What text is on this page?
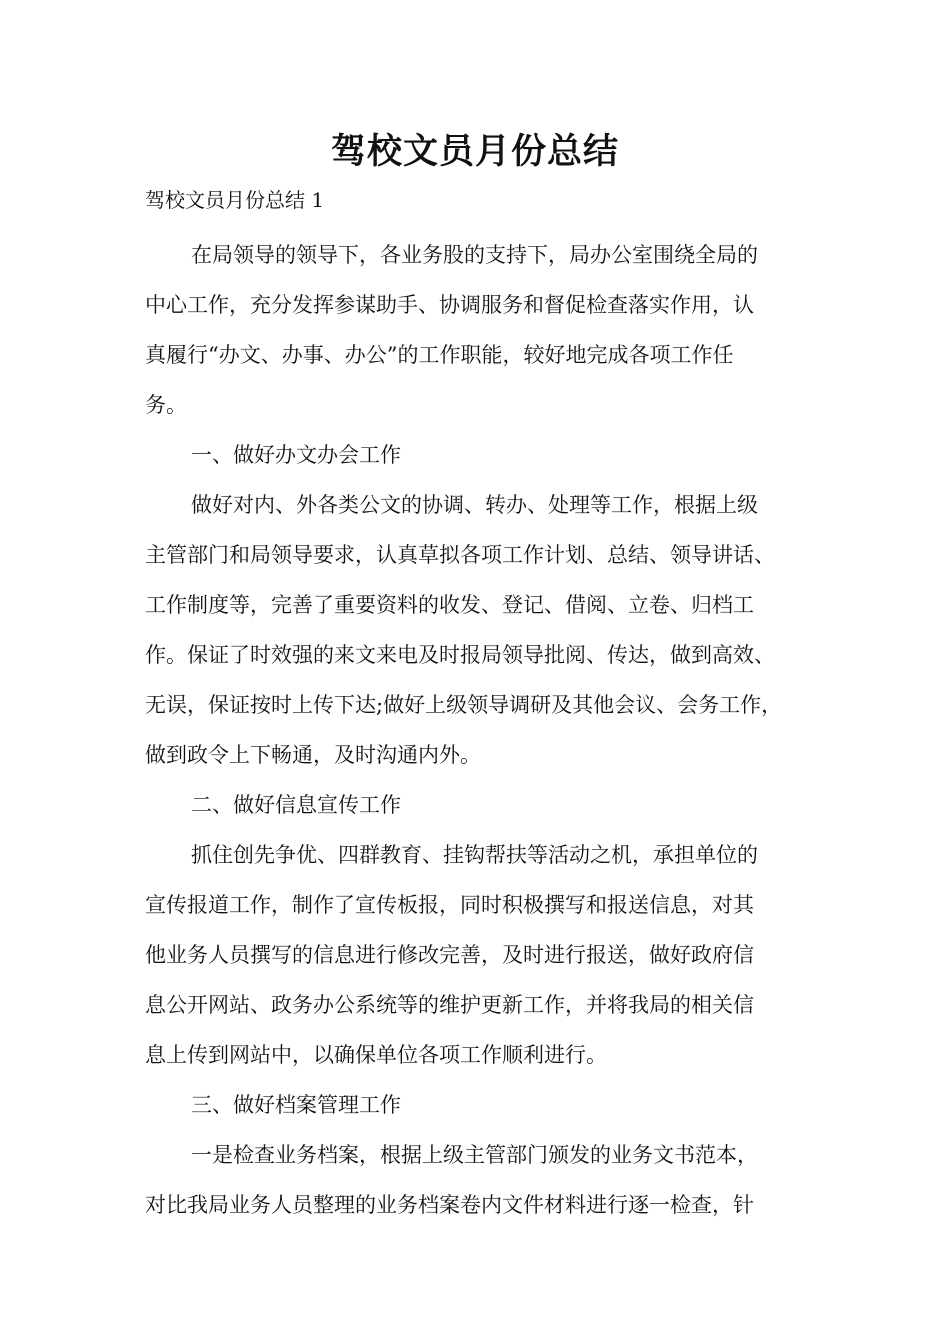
驾校文员月份总结
驾校文员月份总结 1
在局领导的领导下，各业务股的支持下，局办公室围绕全局的
中心工作，充分发挥参谋助手、协调服务和督促检查落实作用，认
真履行“办文、办事、办公”的工作职能，较好地完成各项工作任
务。
一、做好办文办会工作
做好对内、外各类公文的协调、转办、处理等工作，根据上级
主管部门和局领导要求，认真草拟各项工作计划、总结、领导讲话、
工作制度等，完善了重要资料的收发、登记、借阅、立卷、归档工
作。保证了时效强的来文来电及时报局领导批阅、传达，做到高效、
无误，保证按时上传下达;做好上级领导调研及其他会议、会务工作，
做到政令上下畅通，及时沟通内外。
二、做好信息宣传工作
抓住创先争优、四群教育、挂钩帮扶等活动之机，承担单位的
宣传报道工作，制作了宣传板报，同时积极撰写和报送信息，对其
他业务人员撰写的信息进行修改完善，及时进行报送，做好政府信
息公开网站、政务办公系统等的维护更新工作，并将我局的相关信
息上传到网站中，以确保单位各项工作顺利进行。
三、做好档案管理工作
一是检查业务档案，根据上级主管部门颁发的业务文书范本，
对比我局业务人员整理的业务档案卷内文件材料进行逐一检查，针
